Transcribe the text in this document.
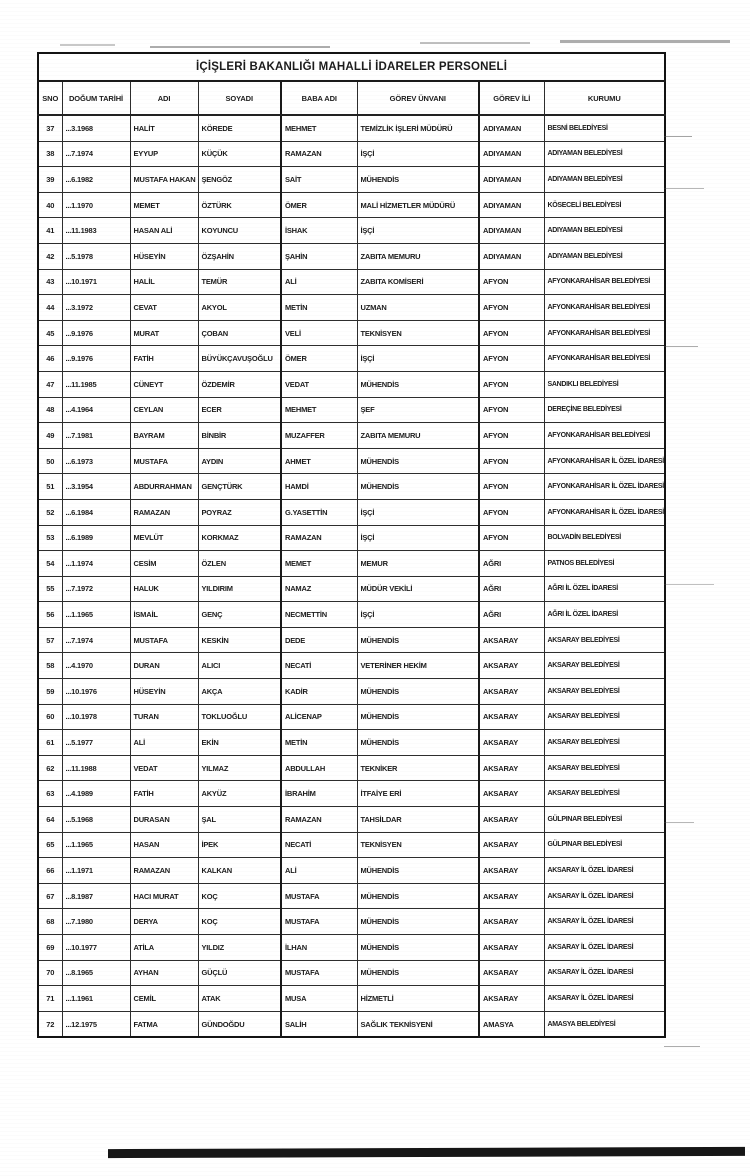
İÇİŞLERİ BAKANLIĞI MAHALLİ İDARELER PERSONELİ							
SNO	DOĞUM TARİHİ	ADI	SOYADI	BABA ADI	GÖREV ÜNVANI	GÖREV İLİ	KURUMU
37	...3.1968	HALİT	KÖREDE	MEHMET	TEMİZLİK İŞLERİ MÜDÜRÜ	ADIYAMAN	BESNİ BELEDİYESİ
38	...7.1974	EYYUP	KÜÇÜK	RAMAZAN	İŞÇİ	ADIYAMAN	ADIYAMAN BELEDİYESİ
39	...6.1982	MUSTAFA HAKAN	ŞENGÖZ	SAİT	MÜHENDİS	ADIYAMAN	ADIYAMAN BELEDİYESİ
40	...1.1970	MEMET	ÖZTÜRK	ÖMER	MALİ HİZMETLER MÜDÜRÜ	ADIYAMAN	KÖSECELİ BELEDİYESİ
41	...11.1983	HASAN ALİ	KOYUNCU	İSHAK	İŞÇİ	ADIYAMAN	ADIYAMAN BELEDİYESİ
42	...5.1978	HÜSEYİN	ÖZŞAHİN	ŞAHİN	ZABITA MEMURU	ADIYAMAN	ADIYAMAN BELEDİYESİ
43	...10.1971	HALİL	TEMÜR	ALİ	ZABITA KOMİSERİ	AFYON	AFYONKARAHİSAR BELEDİYESİ
44	...3.1972	CEVAT	AKYOL	METİN	UZMAN	AFYON	AFYONKARAHİSAR BELEDİYESİ
45	...9.1976	MURAT	ÇOBAN	VELİ	TEKNİSYEN	AFYON	AFYONKARAHİSAR BELEDİYESİ
46	...9.1976	FATİH	BÜYÜKÇAVUŞOĞLU	ÖMER	İŞÇİ	AFYON	AFYONKARAHİSAR BELEDİYESİ
47	...11.1985	CÜNEYT	ÖZDEMİR	VEDAT	MÜHENDİS	AFYON	SANDIKLI BELEDİYESİ
48	...4.1964	CEYLAN	ECER	MEHMET	ŞEF	AFYON	DEREÇİNE BELEDİYESİ
49	...7.1981	BAYRAM	BİNBİR	MUZAFFER	ZABITA MEMURU	AFYON	AFYONKARAHİSAR BELEDİYESİ
50	...6.1973	MUSTAFA	AYDIN	AHMET	MÜHENDİS	AFYON	AFYONKARAHİSAR İL ÖZEL İDARESİ
51	...3.1954	ABDURRAHMAN	GENÇTÜRK	HAMDİ	MÜHENDİS	AFYON	AFYONKARAHİSAR İL ÖZEL İDARESİ
52	...6.1984	RAMAZAN	POYRAZ	G.YASETTİN	İŞÇİ	AFYON	AFYONKARAHİSAR İL ÖZEL İDARESİ
53	...6.1989	MEVLÜT	KORKMAZ	RAMAZAN	İŞÇİ	AFYON	BOLVADİN BELEDİYESİ
54	...1.1974	CESİM	ÖZLEN	MEMET	MEMUR	AĞRI	PATNOS BELEDİYESİ
55	...7.1972	HALUK	YILDIRIM	NAMAZ	MÜDÜR VEKİLİ	AĞRI	AĞRI İL ÖZEL İDARESİ
56	...1.1965	İSMAİL	GENÇ	NECMETTİN	İŞÇİ	AĞRI	AĞRI İL ÖZEL İDARESİ
57	...7.1974	MUSTAFA	KESKİN	DEDE	MÜHENDİS	AKSARAY	AKSARAY BELEDİYESİ
58	...4.1970	DURAN	ALICI	NECATİ	VETERİNER HEKİM	AKSARAY	AKSARAY BELEDİYESİ
59	...10.1976	HÜSEYİN	AKÇA	KADİR	MÜHENDİS	AKSARAY	AKSARAY BELEDİYESİ
60	...10.1978	TURAN	TOKLUOĞLU	ALİCENAP	MÜHENDİS	AKSARAY	AKSARAY BELEDİYESİ
61	...5.1977	ALİ	EKİN	METİN	MÜHENDİS	AKSARAY	AKSARAY BELEDİYESİ
62	...11.1988	VEDAT	YILMAZ	ABDULLAH	TEKNİKER	AKSARAY	AKSARAY BELEDİYESİ
63	...4.1989	FATİH	AKYÜZ	İBRAHİM	İTFAİYE ERİ	AKSARAY	AKSARAY BELEDİYESİ
64	...5.1968	DURASAN	ŞAL	RAMAZAN	TAHSİLDAR	AKSARAY	GÜLPINAR BELEDİYESİ
65	...1.1965	HASAN	İPEK	NECATİ	TEKNİSYEN	AKSARAY	GÜLPINAR BELEDİYESİ
66	...1.1971	RAMAZAN	KALKAN	ALİ	MÜHENDİS	AKSARAY	AKSARAY İL ÖZEL İDARESİ
67	...8.1987	HACI MURAT	KOÇ	MUSTAFA	MÜHENDİS	AKSARAY	AKSARAY İL ÖZEL İDARESİ
68	...7.1980	DERYA	KOÇ	MUSTAFA	MÜHENDİS	AKSARAY	AKSARAY İL ÖZEL İDARESİ
69	...10.1977	ATİLA	YILDIZ	İLHAN	MÜHENDİS	AKSARAY	AKSARAY İL ÖZEL İDARESİ
70	...8.1965	AYHAN	GÜÇLÜ	MUSTAFA	MÜHENDİS	AKSARAY	AKSARAY İL ÖZEL İDARESİ
71	...1.1961	CEMİL	ATAK	MUSA	HİZMETLİ	AKSARAY	AKSARAY İL ÖZEL İDARESİ
72	...12.1975	FATMA	GÜNDOĞDU	SALİH	SAĞLIK TEKNİSYENİ	AMASYA	AMASYA BELEDİYESİ
